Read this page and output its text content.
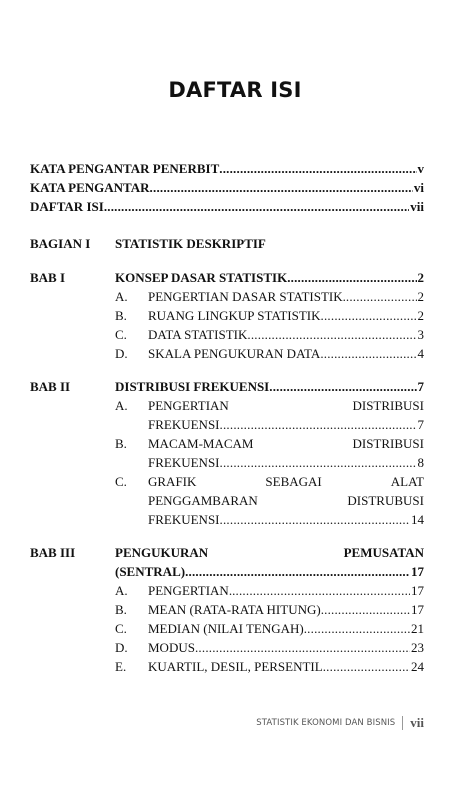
DAFTAR ISI
KATA PENGANTAR PENERBIT .....	v
KATA PENGANTAR .....	vi
DAFTAR ISI .....	vii
BAGIAN I STATISTIK DESKRIPTIF
BAB I	KONSEP DASAR STATISTIK .....	2
A.	PENGERTIAN DASAR STATISTIK. .....	2
B.	RUANG LINGKUP STATISTIK .....	2
C.	DATA STATISTIK .....	3
D.	SKALA PENGUKURAN DATA .....	4
BAB II	DISTRIBUSI FREKUENSI .....	7
A.	PENGERTIAN	DISTRIBUSI
FREKUENSI .....	7
B.	MACAM-MACAM	DISTRIBUSI
FREKUENSI .....	8
C.	GRAFIK	SEBAGAI	ALAT
PENGGAMBARAN	DISTRUBUSI
FREKUENSI .....	14
BAB III	PENGUKURAN	PEMUSATAN
(SENTRAL) .....	17
A.	PENGERTIAN. .....	17
B.	MEAN (RATA-RATA HITUNG) .....	17
C.	MEDIAN (NILAI TENGAH) .....	21
D.	MODUS .....	23
E.	KUARTIL, DESIL, PERSENTIL .....	24
STATISTIK EKONOMI DAN BISNIS vii
